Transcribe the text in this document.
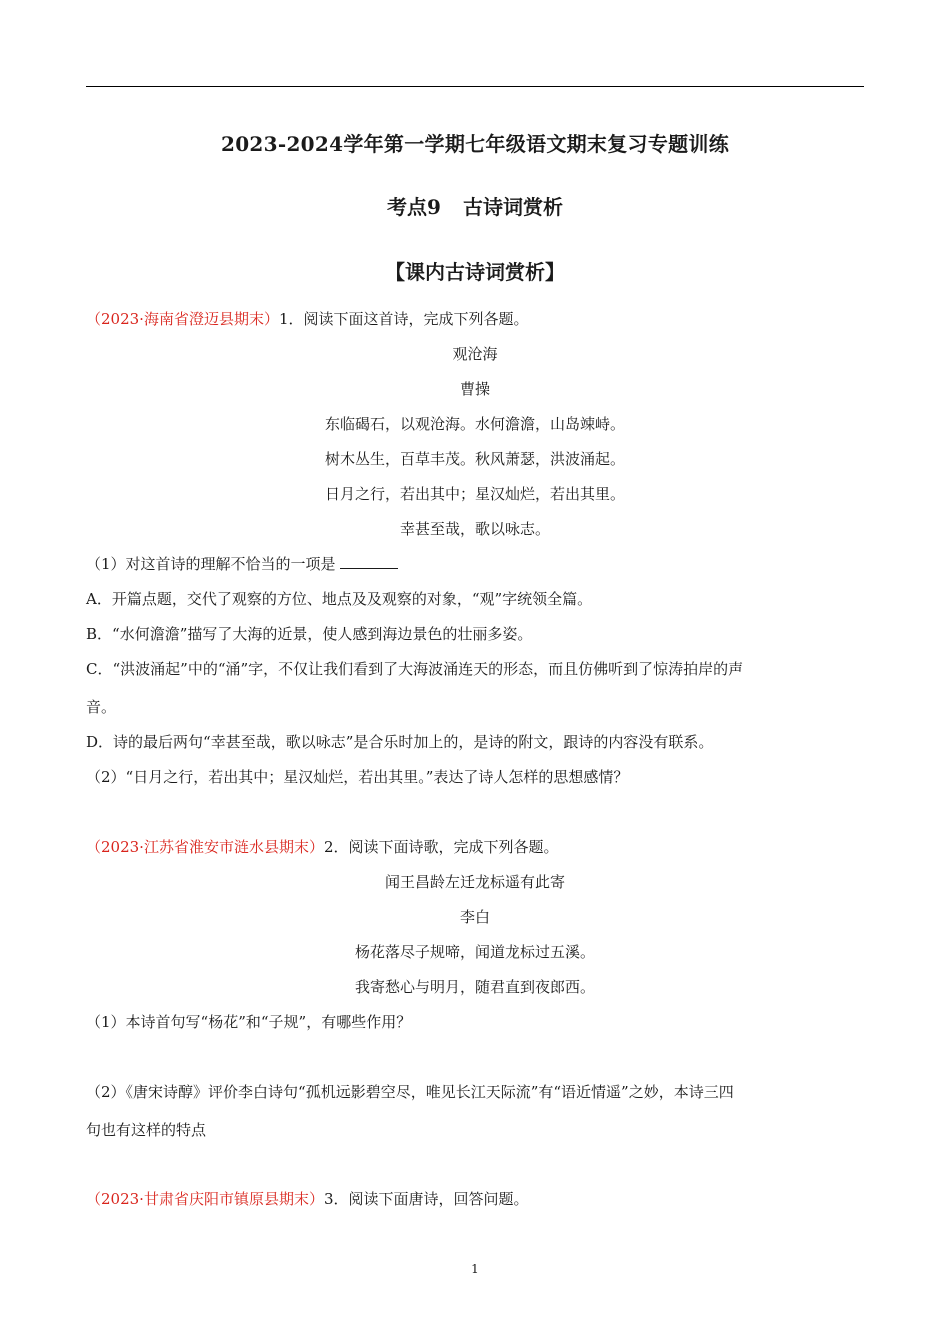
2023-2024学年第一学期七年级语文期末复习专题训练
考点9 古诗词赏析
【课内古诗词赏析】
（2023·海南省澄迈县期末）1．阅读下面这首诗，完成下列各题。
观沧海
曹操
东临碣石，以观沧海。水何澹澹，山岛竦峙。
树木丛生，百草丰茂。秋风萧瑟，洪波涌起。
日月之行，若出其中；星汉灿烂，若出其里。
幸甚至哉，歌以咏志。
（1）对这首诗的理解不恰当的一项是
A．开篇点题，交代了观察的方位、地点及及观察的对象，“观”字统领全篇。
B．“水何澹澹”描写了大海的近景，使人感到海边景色的壮丽多姿。
C．“洪波涌起”中的“涌”字，不仅让我们看到了大海波涌连天的形态，而且仿佛听到了惊涛拍岸的声
音。
D．诗的最后两句“幸甚至哉，歌以咏志”是合乐时加上的，是诗的附文，跟诗的内容没有联系。
（2）“日月之行，若出其中；星汉灿烂，若出其里。”表达了诗人怎样的思想感情？
（2023·江苏省淮安市涟水县期末）2．阅读下面诗歌，完成下列各题。
闻王昌龄左迁龙标遥有此寄
李白
杨花落尽子规啼，闻道龙标过五溪。
我寄愁心与明月，随君直到夜郎西。
（1）本诗首句写“杨花”和“子规”，有哪些作用？
（2）《唐宋诗醇》评价李白诗句“孤机远影碧空尽，唯见长江天际流”有“语近情遥”之妙，本诗三四
句也有这样的特点
（2023·甘肃省庆阳市镇原县期末）3．阅读下面唐诗，回答问题。
1
